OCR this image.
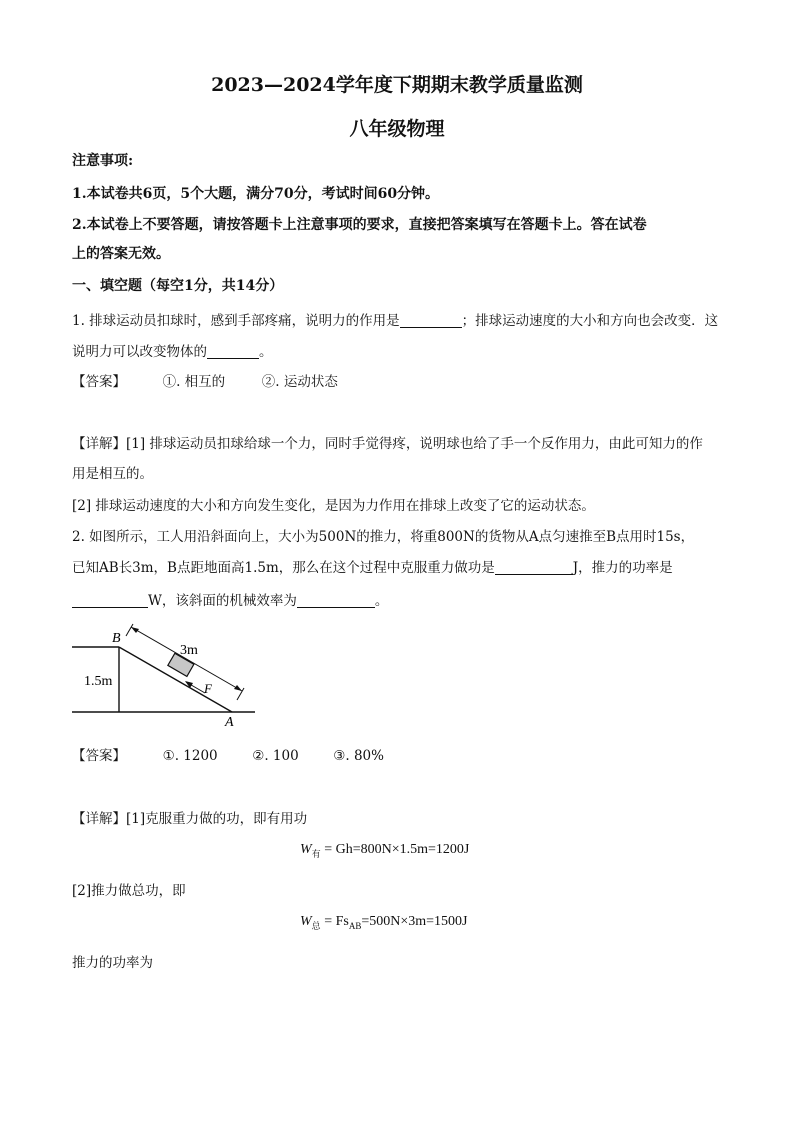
2023—2024学年度下期期末教学质量监测
八年级物理
注意事项:
1.本试卷共6页，5个大题，满分70分，考试时间60分钟。
2.本试卷上不要答题，请按答题卡上注意事项的要求，直接把答案填写在答题卡上。答在试卷
上的答案无效。
一、填空题（每空1分，共14分）
1. 排球运动员扣球时，感到手部疼痛，说明力的作用是	；排球运动速度的大小和方向也会改变．这
说明力可以改变物体的	。
【答案】	①. 相互的	②. 运动状态
【详解】[1] 排球运动员扣球给球一个力，同时手觉得疼，说明球也给了手一个反作用力，由此可知力的作
用是相互的。
[2] 排球运动速度的大小和方向发生变化，是因为力作用在排球上改变了它的运动状态。
2. 如图所示，工人用沿斜面向上，大小为500N的推力，将重800N的货物从A点匀速推至B点用时15s，
已知AB长3m，B点距地面高1.5m，那么在这个过程中克服重力做功是	J，推力的功率是
W，该斜面的机械效率为	。
B
3m
1.5m	F
A
【答案】	①. 1200	②. 100	③. 80%
【详解】[1]克服重力做的功，即有用功
$W_有 = Gh=800N\times 1.5m=1200J$
[2]推力做总功，即
$W_总 = Fs_{AB}=500N\times 3m=1500J$
推力的功率为
